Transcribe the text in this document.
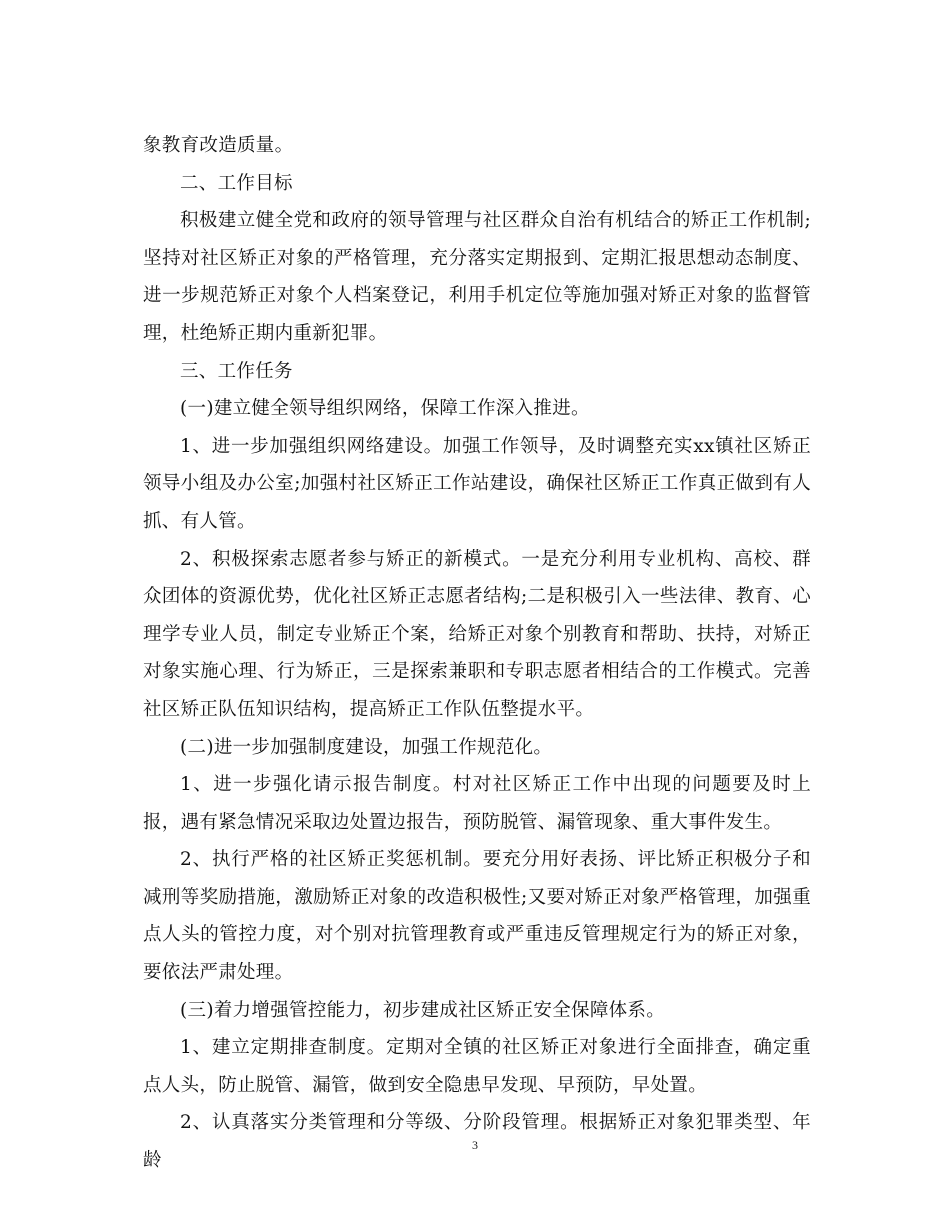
象教育改造质量。

二、工作目标

积极建立健全党和政府的领导管理与社区群众自治有机结合的矫正工作机制;坚持对社区矫正对象的严格管理，充分落实定期报到、定期汇报思想动态制度、进一步规范矫正对象个人档案登记，利用手机定位等施加强对矫正对象的监督管理，杜绝矫正期内重新犯罪。

三、工作任务

(一)建立健全领导组织网络，保障工作深入推进。

1、进一步加强组织网络建设。加强工作领导，及时调整充实xx镇社区矫正领导小组及办公室;加强村社区矫正工作站建设，确保社区矫正工作真正做到有人抓、有人管。

2、积极探索志愿者参与矫正的新模式。一是充分利用专业机构、高校、群众团体的资源优势，优化社区矫正志愿者结构;二是积极引入一些法律、教育、心理学专业人员，制定专业矫正个案，给矫正对象个别教育和帮助、扶持，对矫正对象实施心理、行为矫正，三是探索兼职和专职志愿者相结合的工作模式。完善社区矫正队伍知识结构，提高矫正工作队伍整提水平。

(二)进一步加强制度建设，加强工作规范化。

1、进一步强化请示报告制度。村对社区矫正工作中出现的问题要及时上报，遇有紧急情况采取边处置边报告，预防脱管、漏管现象、重大事件发生。

2、执行严格的社区矫正奖惩机制。要充分用好表扬、评比矫正积极分子和减刑等奖励措施，激励矫正对象的改造积极性;又要对矫正对象严格管理，加强重点人头的管控力度，对个别对抗管理教育或严重违反管理规定行为的矫正对象，要依法严肃处理。

(三)着力增强管控能力，初步建成社区矫正安全保障体系。

1、建立定期排查制度。定期对全镇的社区矫正对象进行全面排查，确定重点人头，防止脱管、漏管，做到安全隐患早发现、早预防，早处置。

2、认真落实分类管理和分等级、分阶段管理。根据矫正对象犯罪类型、年龄

3
